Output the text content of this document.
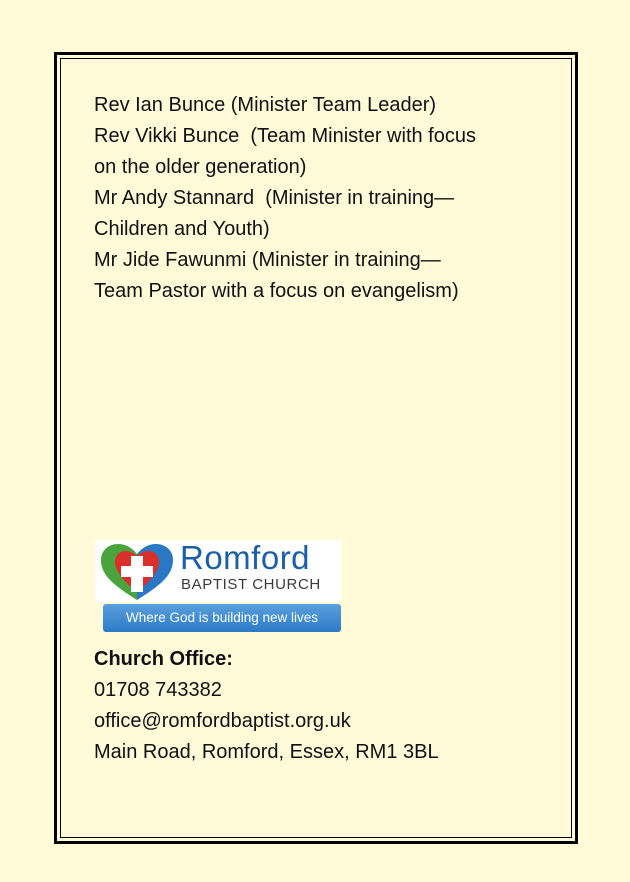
Rev Ian Bunce (Minister Team Leader)
Rev Vikki Bunce  (Team Minister with focus
on the older generation)
Mr Andy Stannard  (Minister in training—
Children and Youth)
Mr Jide Fawunmi (Minister in training—
Team Pastor with a focus on evangelism)
Romford
BAPTIST CHURCH
Where God is building new lives
Church Office:
01708 743382
office@romfordbaptist.org.uk
Main Road, Romford, Essex, RM1 3BL
